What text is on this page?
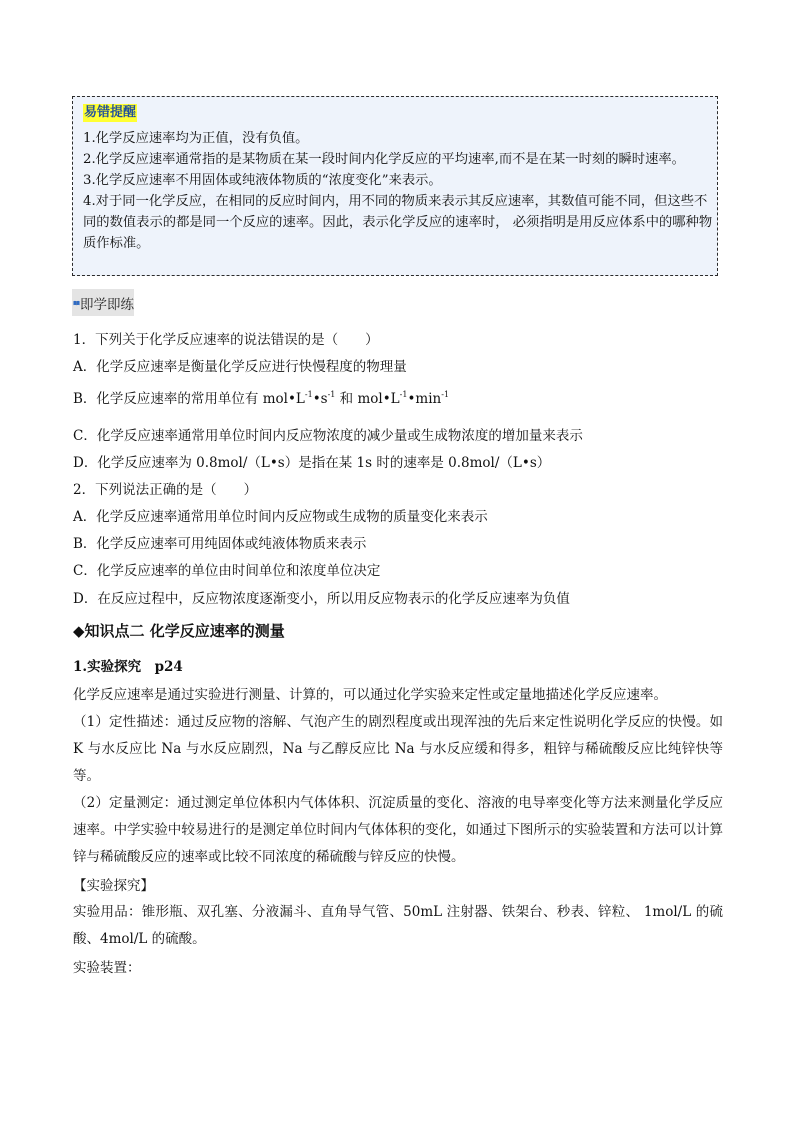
易错提醒
1.化学反应速率均为正值，没有负值。
2.化学反应速率通常指的是某物质在某一段时间内化学反应的平均速率,而不是在某一时刻的瞬时速率。
3.化学反应速率不用固体或纯液体物质的“浓度变化”来表示。
4.对于同一化学反应，在相同的反应时间内，用不同的物质来表示其反应速率，其数值可能不同，但这些不同的数值表示的都是同一个反应的速率。因此，表示化学反应的速率时， 必须指明是用反应体系中的哪种物质作标准。
即学即练
1．下列关于化学反应速率的说法错误的是（　　）
A．化学反应速率是衡量化学反应进行快慢程度的物理量
B．化学反应速率的常用单位有 $mol•L^{-1}•s^{-1}$ 和 $mol•L^{-1}•\min^{-1}$
C．化学反应速率通常用单位时间内反应物浓度的减少量或生成物浓度的增加量来表示
D．化学反应速率为 0.8mol/（L•s）是指在某 1s 时的速率是 0.8mol/（L•s）
2．下列说法正确的是（　　）
A．化学反应速率通常用单位时间内反应物或生成物的质量变化来表示
B．化学反应速率可用纯固体或纯液体物质来表示
C．化学反应速率的单位由时间单位和浓度单位决定
D．在反应过程中，反应物浓度逐渐变小，所以用反应物表示的化学反应速率为负值
◆知识点二 化学反应速率的测量
1.实验探究　p24
化学反应速率是通过实验进行测量、计算的，可以通过化学实验来定性或定量地描述化学反应速率。
（1）定性描述：通过反应物的溶解、气泡产生的剧烈程度或出现浑浊的先后来定性说明化学反应的快慢。如 K 与水反应比 Na 与水反应剧烈，Na 与乙醇反应比 Na 与水反应缓和得多，粗锌与稀硫酸反应比纯锌快等等。
（2）定量测定：通过测定单位体积内气体体积、沉淀质量的变化、溶液的电导率变化等方法来测量化学反应速率。中学实验中较易进行的是测定单位时间内气体体积的变化，如通过下图所示的实验装置和方法可以计算锌与稀硫酸反应的速率或比较不同浓度的稀硫酸与锌反应的快慢。
【实验探究】
实验用品：锥形瓶、双孔塞、分液漏斗、直角导气管、50mL 注射器、铁架台、秒表、锌粒、 1mol/L 的硫酸、4mol/L 的硫酸。
实验装置：
